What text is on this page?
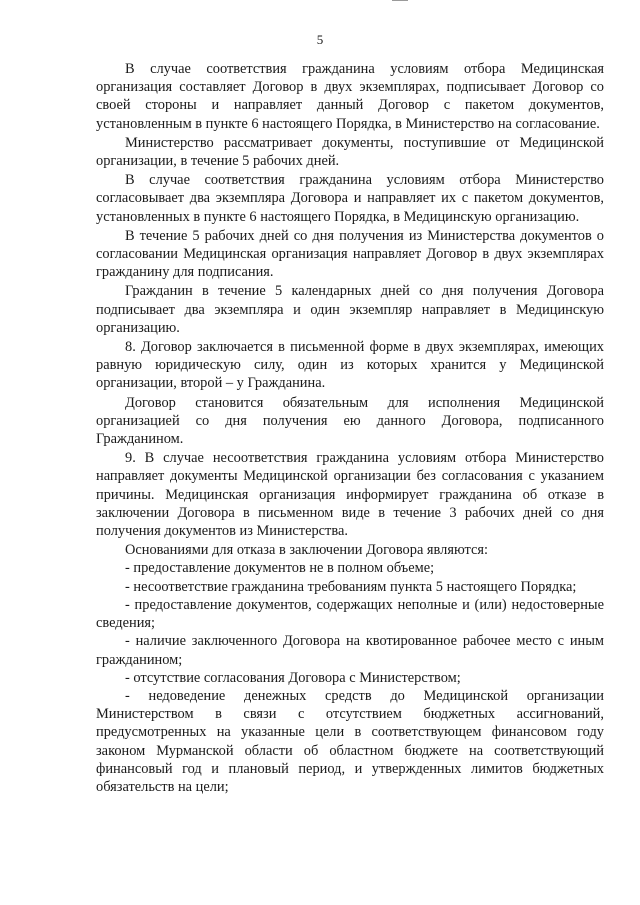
5

В случае соответствия гражданина условиям отбора Медицинская организация составляет Договор в двух экземплярах, подписывает Договор со своей стороны и направляет данный Договор с пакетом документов, установленным в пункте 6 настоящего Порядка, в Министерство на согласование.

Министерство рассматривает документы, поступившие от Медицинской организации, в течение 5 рабочих дней.

В случае соответствия гражданина условиям отбора Министерство согласовывает два экземпляра Договора и направляет их с пакетом документов, установленных в пункте 6 настоящего Порядка, в Медицинскую организацию.

В течение 5 рабочих дней со дня получения из Министерства документов о согласовании Медицинская организация направляет Договор в двух экземплярах гражданину для подписания.

Гражданин в течение 5 календарных дней со дня получения Договора подписывает два экземпляра и один экземпляр направляет в Медицинскую организацию.

8. Договор заключается в письменной форме в двух экземплярах, имеющих равную юридическую силу, один из которых хранится у Медицинской организации, второй – у Гражданина.

Договор становится обязательным для исполнения Медицинской организацией со дня получения ею данного Договора, подписанного Гражданином.

9. В случае несоответствия гражданина условиям отбора Министерство направляет документы Медицинской организации без согласования с указанием причины. Медицинская организация информирует гражданина об отказе в заключении Договора в письменном виде в течение 3 рабочих дней со дня получения документов из Министерства.

Основаниями для отказа в заключении Договора являются:

- предоставление документов не в полном объеме;

- несоответствие гражданина требованиям пункта 5 настоящего Порядка;

- предоставление документов, содержащих неполные и (или) недостоверные сведения;

- наличие заключенного Договора на квотированное рабочее место с иным гражданином;

- отсутствие согласования Договора с Министерством;

- недоведение денежных средств до Медицинской организации Министерством в связи с отсутствием бюджетных ассигнований, предусмотренных на указанные цели в соответствующем финансовом году законом Мурманской области об областном бюджете на соответствующий финансовый год и плановый период, и утвержденных лимитов бюджетных обязательств на цели;
